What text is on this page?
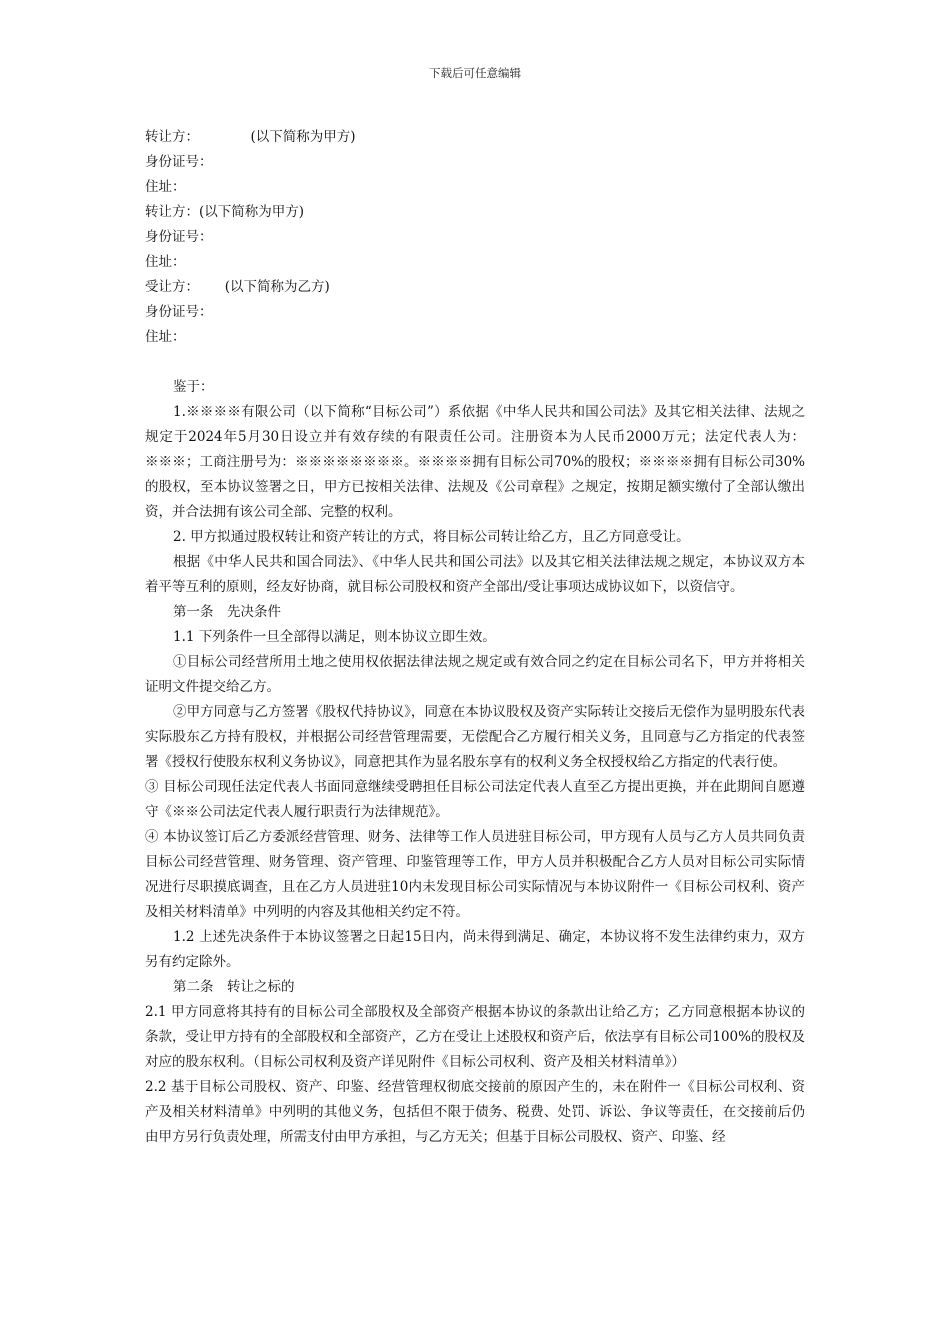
下载后可任意编辑
转让方：            (以下简称为甲方)
身份证号：
住址：
转让方：(以下简称为甲方)
身份证号：
住址：
受让方：      (以下简称为乙方)
身份证号：
住址：
鉴于：
1.※※※※有限公司（以下简称“目标公司”）系依据《中华人民共和国公司法》及其它相关法律、法规之规定于2024年5月30日设立并有效存续的有限责任公司。注册资本为人民币2000万元；法定代表人为：※※※；工商注册号为：※※※※※※※※。※※※※拥有目标公司70%的股权；※※※※拥有目标公司30%的股权，至本协议签署之日，甲方已按相关法律、法规及《公司章程》之规定，按期足额实缴付了全部认缴出资，并合法拥有该公司全部、完整的权利。
2. 甲方拟通过股权转让和资产转让的方式，将目标公司转让给乙方，且乙方同意受让。
根据《中华人民共和国合同法》、《中华人民共和国公司法》以及其它相关法律法规之规定，本协议双方本着平等互利的原则，经友好协商，就目标公司股权和资产全部出/受让事项达成协议如下，以资信守。
第一条　先决条件
1.1 下列条件一旦全部得以满足，则本协议立即生效。
①目标公司经营所用土地之使用权依据法律法规之规定或有效合同之约定在目标公司名下，甲方并将相关证明文件提交给乙方。
②甲方同意与乙方签署《股权代持协议》，同意在本协议股权及资产实际转让交接后无偿作为显明股东代表实际股东乙方持有股权，并根据公司经营管理需要，无偿配合乙方履行相关义务，且同意与乙方指定的代表签署《授权行使股东权利义务协议》，同意把其作为显名股东享有的权利义务全权授权给乙方指定的代表行使。
③ 目标公司现任法定代表人书面同意继续受聘担任目标公司法定代表人直至乙方提出更换，并在此期间自愿遵守《※※公司法定代表人履行职责行为法律规范》。
④ 本协议签订后乙方委派经营管理、财务、法律等工作人员进驻目标公司，甲方现有人员与乙方人员共同负责目标公司经营管理、财务管理、资产管理、印鉴管理等工作，甲方人员并积极配合乙方人员对目标公司实际情况进行尽职摸底调查，且在乙方人员进驻10内未发现目标公司实际情况与本协议附件一《目标公司权利、资产及相关材料清单》中列明的内容及其他相关约定不符。
1.2 上述先决条件于本协议签署之日起15日内，尚未得到满足、确定，本协议将不发生法律约束力，双方另有约定除外。
第二条　转让之标的
2.1 甲方同意将其持有的目标公司全部股权及全部资产根据本协议的条款出让给乙方；乙方同意根据本协议的条款，受让甲方持有的全部股权和全部资产，乙方在受让上述股权和资产后，依法享有目标公司100%的股权及对应的股东权利。（目标公司权利及资产详见附件《目标公司权利、资产及相关材料清单》）
2.2 基于目标公司股权、资产、印鉴、经营管理权彻底交接前的原因产生的，未在附件一《目标公司权利、资产及相关材料清单》中列明的其他义务，包括但不限于债务、税费、处罚、诉讼、争议等责任，在交接前后仍由甲方另行负责处理，所需支付由甲方承担，与乙方无关；但基于目标公司股权、资产、印鉴、经
